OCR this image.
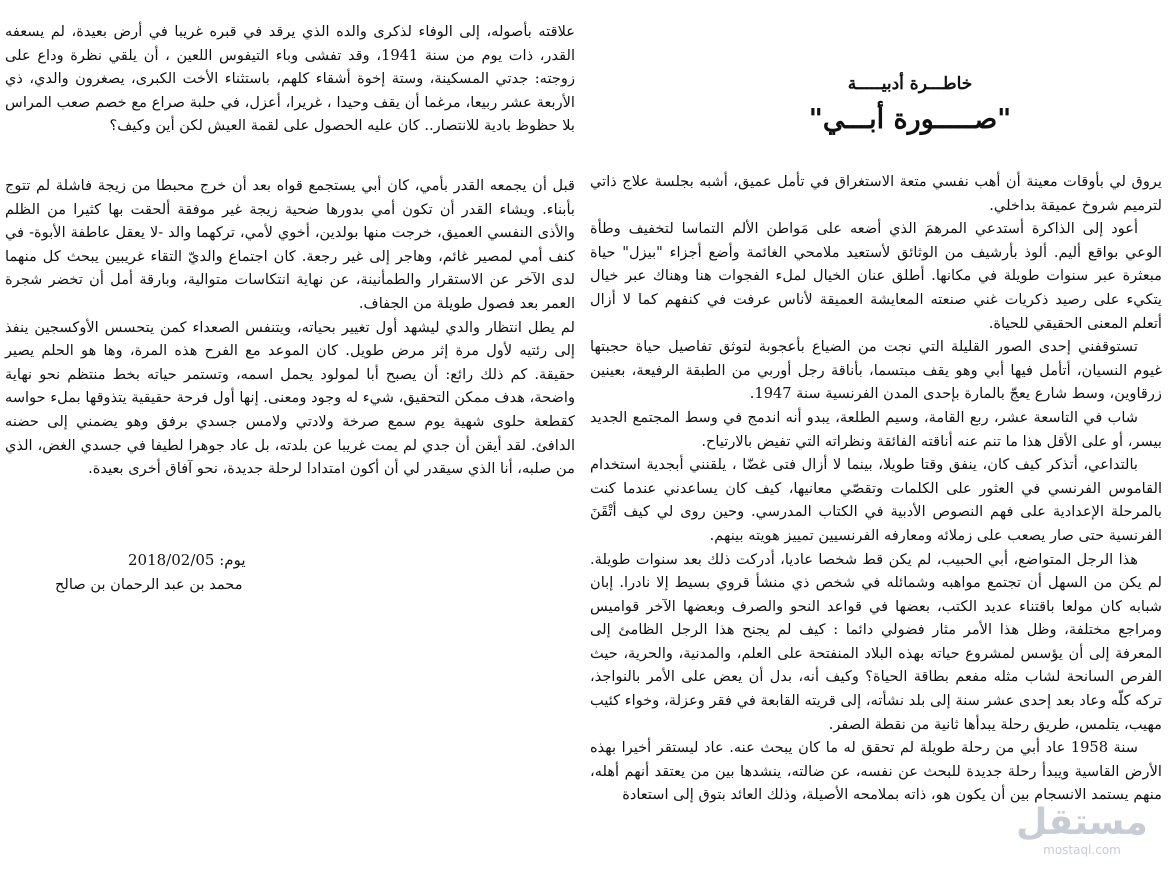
علاقته بأصوله، إلى الوفاء لذكرى والده الذي يرقد في قبره غريبا في أرض بعيدة، لم يسعفه القدر، ذات يوم من سنة 1941، وقد تفشى وباء التيفوس اللعين ، أن يلقي نظرة وداع على زوجته: جدتي المسكينة، وستة إخوة أشقاء كلهم، باستثناء الأخت الكبرى، يصغرون والدي، ذي الأربعة عشر ربيعا، مرغما أن يقف وحيدا ، غريرا، أعزل، في حلبة صراع مع خصم صعب المراس بلا حظوظ بادية للانتصار.. كان عليه الحصول على لقمة العيش لكن أين وكيف؟

قبل أن يجمعه القدر بأمي، كان أبي يستجمع قواه بعد أن خرج محبطا من زيجة فاشلة لم تتوج بأبناء. ويشاء القدر أن تكون أمي بدورها ضحية زيجة غير موفقة ألحقت بها كثيرا من الظلم والأذى النفسي العميق، خرجت منها بولدين، أخوي لأمي، تركهما والد -لا يعقل عاطفة الأبوة- في كنف أمي لمصير غائم، وهاجر إلى غير رجعة. كان اجتماع والديّ التقاء غريبين يبحث كل منهما لدى الآخر عن الاستقرار والطمأنينة، عن نهاية انتكاسات متوالية، وبارقة أمل أن تخضر شجرة العمر بعد فصول طويلة من الجفاف.

لم يطل انتظار والدي ليشهد أول تغيير بحياته، ويتنفس الصعداء كمن يتحسس الأوكسجين ينفذ إلى رئتيه لأول مرة إثر مرض طويل. كان الموعد مع الفرح هذه المرة، وها هو الحلم يصير حقيقة. كم ذلك رائع: أن يصبح أبا لمولود يحمل اسمه، وتستمر حياته بخط منتظم نحو نهاية واضحة، هدف ممكن التحقيق، شيء له وجود ومعنى. إنها أول فرحة حقيقية يتذوقها بملء حواسه كقطعة حلوى شهية يوم سمع صرخة ولادتي ولامس جسدي برفق وهو يضمني إلى حضنه الدافئ. لقد أيقن أن جدي لم يمت غريبا عن بلدته، بل عاد جوهرا لطيفا في جسدي الغض، الذي من صلبه، أنا الذي سيقدر لي أن أكون امتدادا لرحلة جديدة، نحو آفاق أخرى بعيدة.

يوم: 2018/02/05
محمد بن عبد الرحمان بن صالح
خاطـــرة أدبيـــــة
"صـــــورة أبـــي"

يروق لي بأوقات معينة أن أهب نفسي متعة الاستغراق في تأمل عميق، أشبه بجلسة علاج ذاتي لترميم شروخ عميقة بداخلي.

أعود إلى الذاكرة أستدعي المرهمَ الذي أضعه على مَواطن الألم التماسا لتخفيف وطأة الوعي بواقع أليم. ألوذ بأرشيف من الوثائق لأستعيد ملامحي الغائمة وأضع أجزاء "بيزل" حياة مبعثرة عبر سنوات طويلة في مكانها. أطلق عنان الخيال لملء الفجوات هنا وهناك عبر خيال يتكيء على رصيد ذكريات غني صنعته المعايشة العميقة لأناس عرفت في كنفهم كما لا أزال أتعلم المعنى الحقيقي للحياة.

تستوقفني إحدى الصور القليلة التي نجت من الضياع بأعجوبة لتوثق تفاصيل حياة حجبتها غيوم النسيان، أتأمل فيها أبي وهو يقف مبتسما، بأناقة رجل أوربي من الطبقة الرفيعة، بعينين زرقاوين، وسط شارع يعجّ بالمارة بإحدى المدن الفرنسية سنة 1947.

شاب في التاسعة عشر، ربع القامة، وسيم الطلعة، يبدو أنه اندمج في وسط المجتمع الجديد بيسر، أو على الأقل هذا ما تنم عنه أناقته الفائقة ونظراته التي تفيض بالارتياح.

بالتداعي، أتذكر كيف كان، ينفق وقتا طويلا، بينما لا أزال فتى غضّا ، يلقنني أبجدية استخدام القاموس الفرنسي في العثور على الكلمات وتقصّي معانيها، كيف كان يساعدني عندما كنت بالمرحلة الإعدادية على فهم النصوص الأدبية في الكتاب المدرسي. وحين روى لي كيف أتْقَنَ الفرنسية حتى صار يصعب على زملائه ومعارفه الفرنسيين تمييز هويته بينهم.

هذا الرجل المتواضع، أبي الحبيب، لم يكن قط شخصا عاديا، أدركت ذلك بعد سنوات طويلة. لم يكن من السهل أن تجتمع مواهبه وشمائله في شخص ذي منشأ قروي بسيط إلا نادرا. إبان شبابه كان مولعا باقتناء عديد الكتب، بعضها في قواعد النحو والصرف وبعضها الآخر قواميس ومراجع مختلفة، وظل هذا الأمر مثار فضولي دائما : كيف لم يجنح هذا الرجل الظامئ إلى المعرفة إلى أن يؤسس لمشروع حياته بهذه البلاد المنفتحة على العلم، والمدنية، والحرية، حيث الفرص السانحة لشاب مثله مفعم بطاقة الحياة؟ وكيف أنه، بدل أن يعض على الأمر بالنواجذ، تركه كلّه وعاد بعد إحدى عشر سنة إلى بلد نشأته، إلى قريته القابعة في فقر وعزلة، وخواء كئيب مهيب، يتلمس، طريق رحلة يبدأها ثانية من نقطة الصفر.

سنة 1958 عاد أبي من رحلة طويلة لم تحقق له ما كان يبحث عنه. عاد ليستقر أخيرا بهذه الأرض القاسية ويبدأ رحلة جديدة للبحث عن نفسه، عن ضالته، ينشدها بين من يعتقد أنهم أهله، منهم يستمد الانسجام بين أن يكون هو، ذاته بملامحه الأصيلة، وذلك العائد بتوق إلى استعادة

مستقل
mostaql.com
